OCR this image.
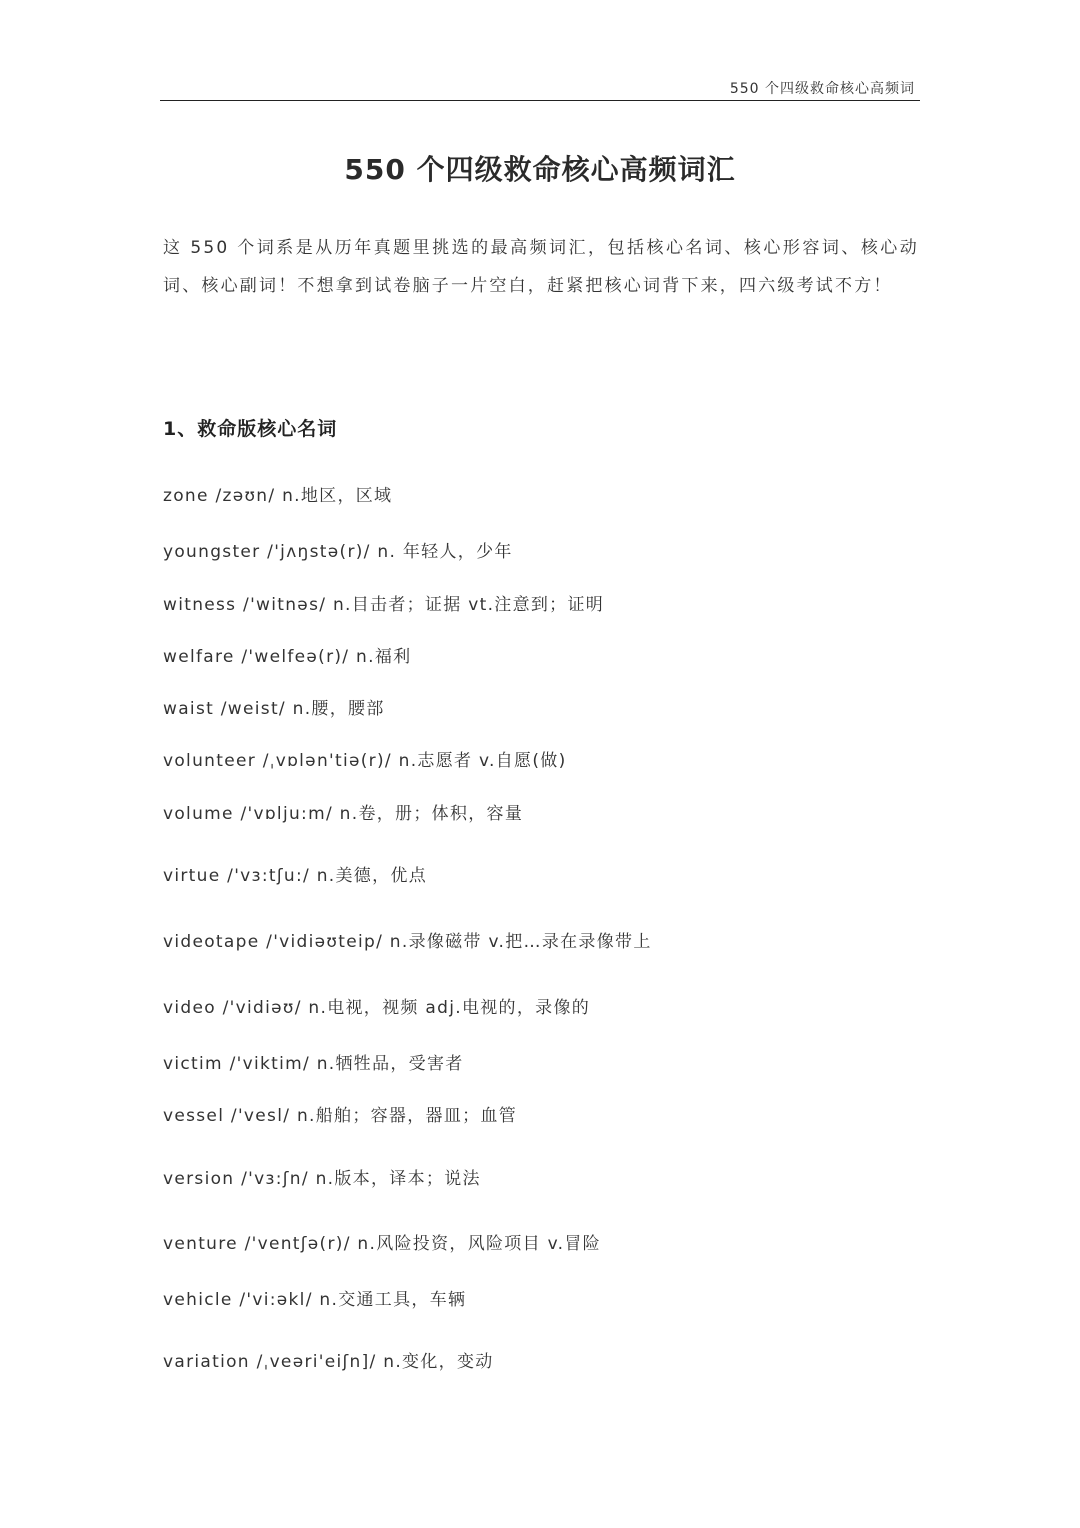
550 个四级救命核心高频词
550 个四级救命核心高频词汇
这 550 个词系是从历年真题里挑选的最高频词汇，包括核心名词、核心形容词、核心动词、核心副词！不想拿到试卷脑子一片空白，赶紧把核心词背下来，四六级考试不方！
1、救命版核心名词
zone /zəʊn/ n.地区，区域
youngster /'jʌŋstə(r)/ n. 年轻人，少年
witness /'witnəs/ n.目击者；证据 vt.注意到；证明
welfare /'welfeə(r)/ n.福利
waist /weist/ n.腰，腰部
volunteer /ˌvɒlən'tiə(r)/ n.志愿者 v.自愿(做)
volume /'vɒlju:m/ n.卷，册；体积，容量
virtue /'vɜ:tʃu:/ n.美德，优点
videotape /'vidiəʊteip/ n.录像磁带 v.把…录在录像带上
video /'vidiəʊ/ n.电视，视频 adj.电视的，录像的
victim /'viktim/ n.牺牲品，受害者
vessel /'vesl/ n.船舶；容器，器皿；血管
version /'vɜ:ʃn/ n.版本，译本；说法
venture /'ventʃə(r)/ n.风险投资，风险项目 v.冒险
vehicle /'vi:əkl/ n.交通工具，车辆
variation /ˌveəri'eiʃn]/ n.变化，变动
